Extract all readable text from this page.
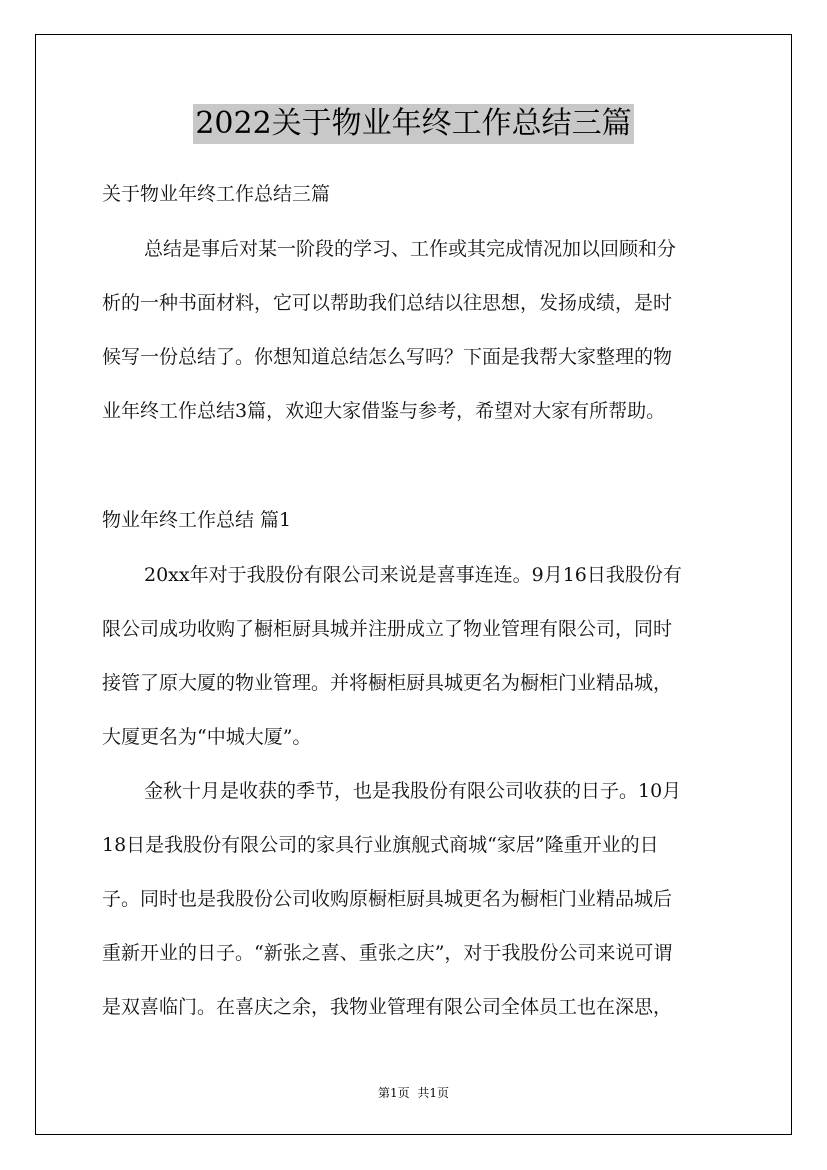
2022关于物业年终工作总结三篇
关于物业年终工作总结三篇
总结是事后对某一阶段的学习、工作或其完成情况加以回顾和分
析的一种书面材料，它可以帮助我们总结以往思想，发扬成绩，是时
候写一份总结了。你想知道总结怎么写吗？下面是我帮大家整理的物
业年终工作总结3篇，欢迎大家借鉴与参考，希望对大家有所帮助。
物业年终工作总结 篇1
20xx年对于我股份有限公司来说是喜事连连。9月16日我股份有
限公司成功收购了橱柜厨具城并注册成立了物业管理有限公司，同时
接管了原大厦的物业管理。并将橱柜厨具城更名为橱柜门业精品城，
大厦更名为“中城大厦”。
金秋十月是收获的季节，也是我股份有限公司收获的日子。10月
18日是我股份有限公司的家具行业旗舰式商城“家居”隆重开业的日
子。同时也是我股份公司收购原橱柜厨具城更名为橱柜门业精品城后
重新开业的日子。“新张之喜、重张之庆”，对于我股份公司来说可谓
是双喜临门。在喜庆之余，我物业管理有限公司全体员工也在深思，
第1页 共1页
